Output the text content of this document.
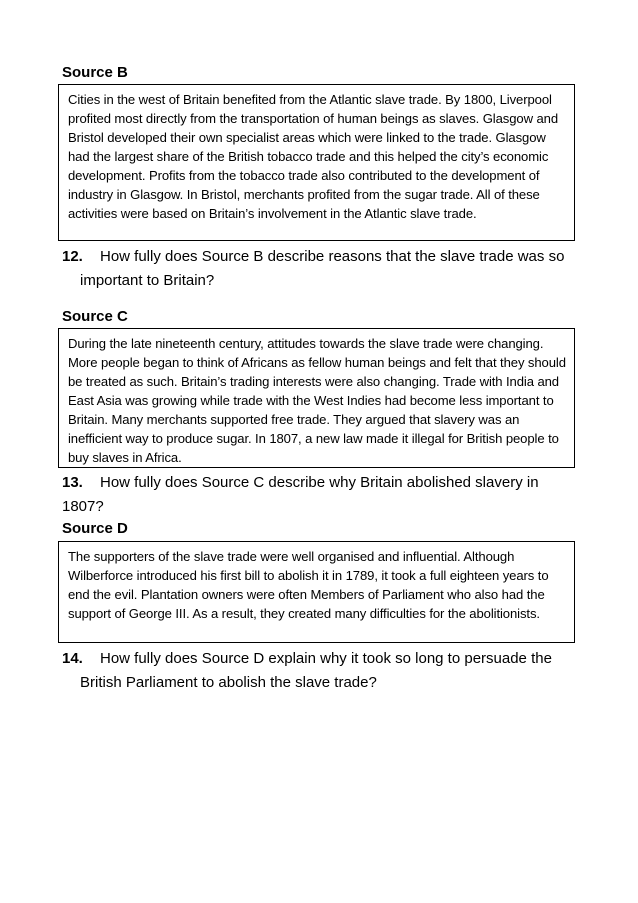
Source B

Cities in the west of Britain benefited from the Atlantic slave trade. By 1800, Liverpool profited most directly from the transportation of human beings as slaves. Glasgow and Bristol developed their own specialist areas which were linked to the trade. Glasgow had the largest share of the British tobacco trade and this helped the city’s economic development. Profits from the tobacco trade also contributed to the development of industry in Glasgow. In Bristol, merchants profited from the sugar trade. All of these activities were based on Britain’s involvement in the Atlantic slave trade.

12. How fully does Source B describe reasons that the slave trade was so
important to Britain?
Source C

During the late nineteenth century, attitudes towards the slave trade were changing. More people began to think of Africans as fellow human beings and felt that they should be treated as such. Britain’s trading interests were also changing. Trade with India and East Asia was growing while trade with the West Indies had become less important to Britain. Many merchants supported free trade. They argued that slavery was an inefficient way to produce sugar. In 1807, a new law made it illegal for British people to buy slaves in Africa.

13. How fully does Source C describe why Britain abolished slavery in 1807?
Source D

The supporters of the slave trade were well organised and influential. Although Wilberforce introduced his first bill to abolish it in 1789, it took a full eighteen years to end the evil. Plantation owners were often Members of Parliament who also had the support of George III. As a result, they created many difficulties for the abolitionists.

14. How fully does Source D explain why it took so long to persuade the
British Parliament to abolish the slave trade?
